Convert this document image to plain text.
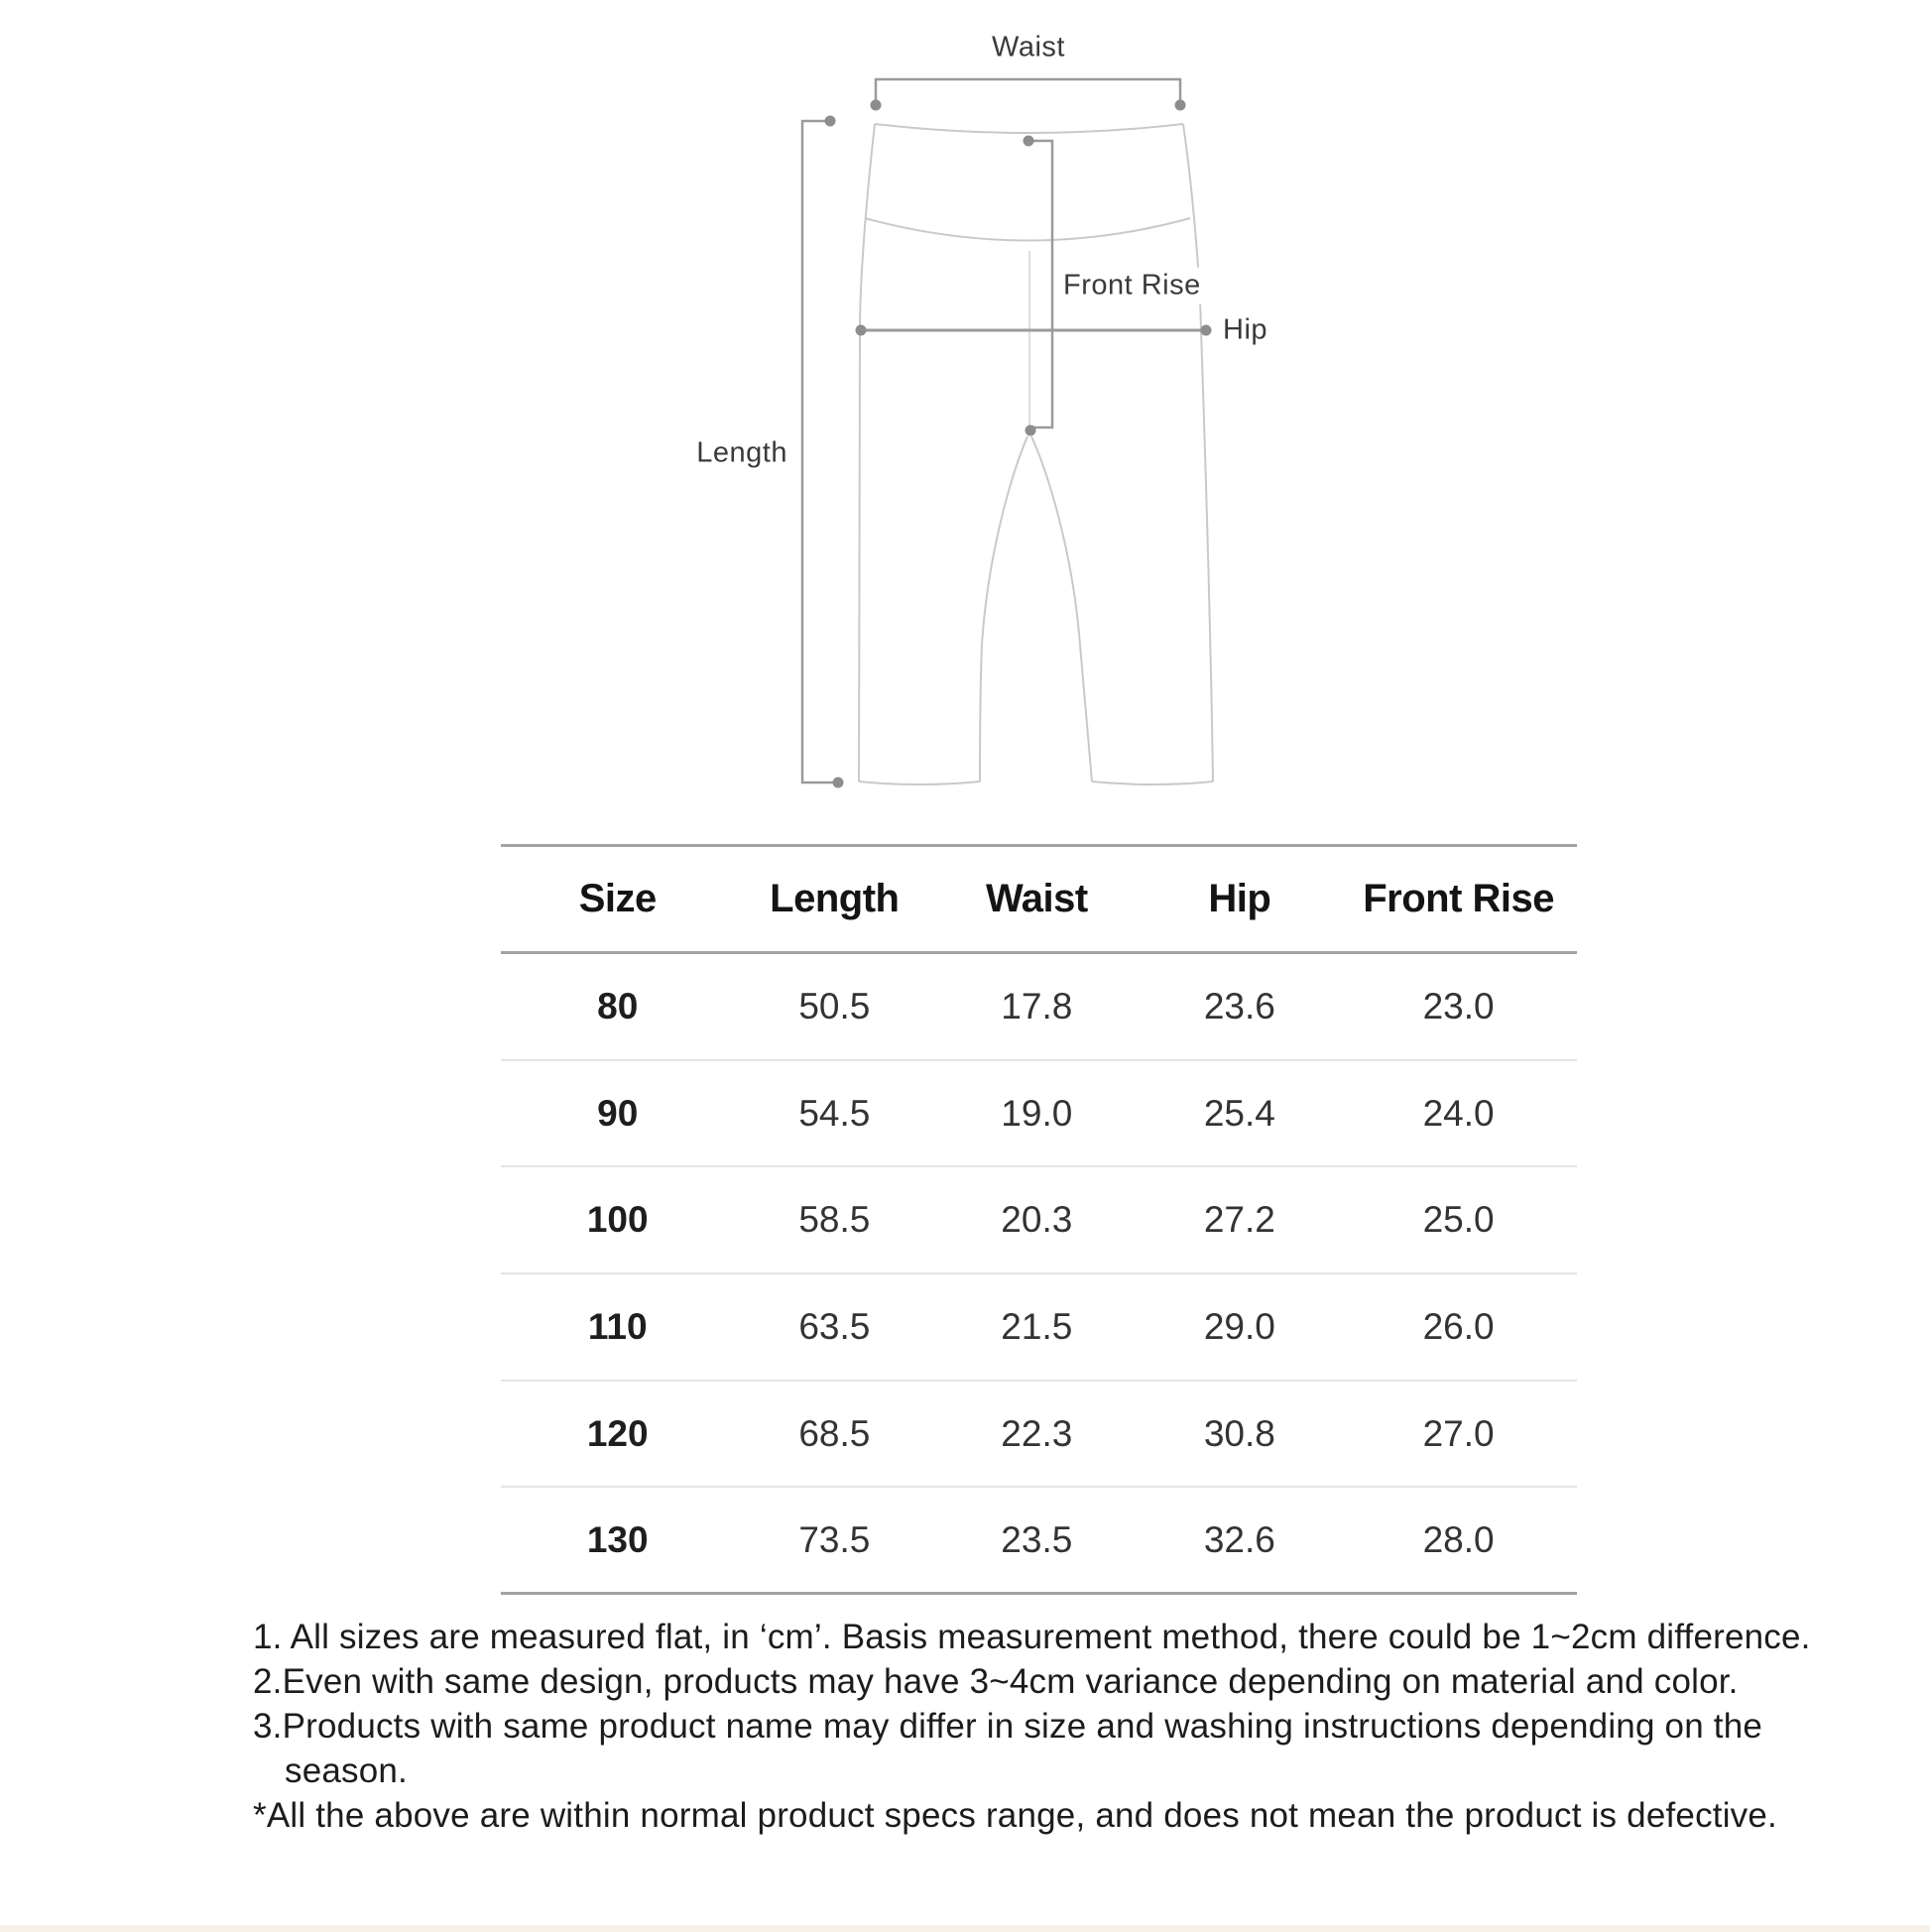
Waist
Length
Front Rise
Hip
Size	Length	Waist	Hip	Front Rise
80	50.5	17.8	23.6	23.0
90	54.5	19.0	25.4	24.0
100	58.5	20.3	27.2	25.0
110	63.5	21.5	29.0	26.0
120	68.5	22.3	30.8	27.0
130	73.5	23.5	32.6	28.0
1. All sizes are measured flat, in ‘cm’. Basis measurement method, there could be 1~2cm difference.
2.Even with same design, products may have 3~4cm variance depending on material and color.
3.Products with same product name may differ in size and washing instructions depending on the
season.
*All the above are within normal product specs range, and does not mean the product is defective.
